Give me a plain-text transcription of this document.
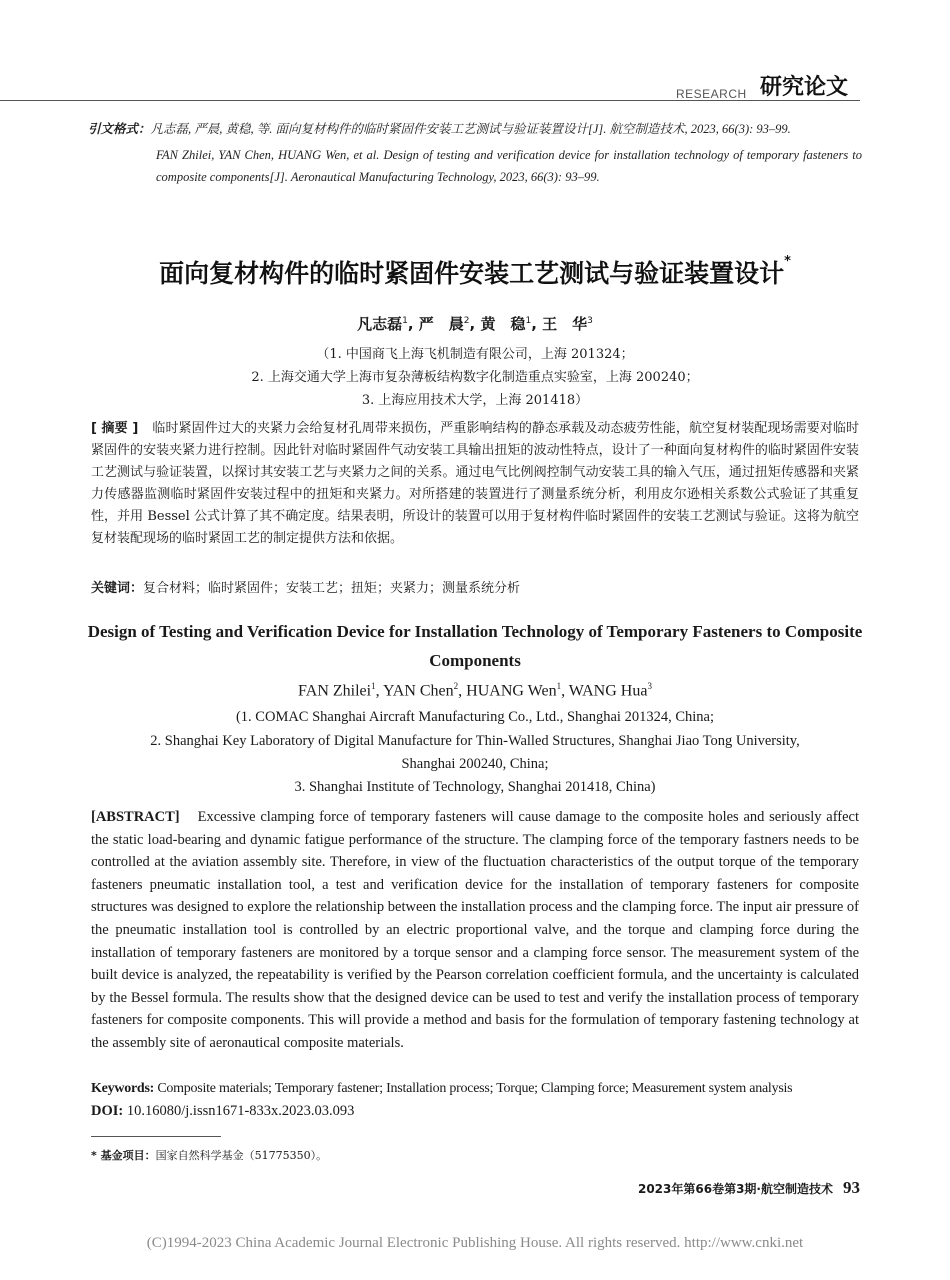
RESEARCH 研究论文
引文格式：凡志磊, 严晨, 黄稳, 等. 面向复材构件的临时紧固件安装工艺测试与验证装置设计[J]. 航空制造技术, 2023, 66(3): 93–99.
FAN Zhilei, YAN Chen, HUANG Wen, et al. Design of testing and verification device for installation technology of temporary fasteners to composite components[J]. Aeronautical Manufacturing Technology, 2023, 66(3): 93–99.
面向复材构件的临时紧固件安装工艺测试与验证装置设计*
凡志磊$^1$, 严　晨$^2$, 黄　稳$^1$, 王　华$^3$
（1. 中国商飞上海飞机制造有限公司，上海 201324；
2. 上海交通大学上海市复杂薄板结构数字化制造重点实验室，上海 200240；
3. 上海应用技术大学，上海 201418）
[ 摘要 ] 临时紧固件过大的夹紧力会给复材孔周带来损伤，严重影响结构的静态承载及动态疲劳性能，航空复材装配现场需要对临时紧固件的安装夹紧力进行控制。因此针对临时紧固件气动安装工具输出扭矩的波动性特点，设计了一种面向复材构件的临时紧固件安装工艺测试与验证装置，以探讨其安装工艺与夹紧力之间的关系。通过电气比例阀控制气动安装工具的输入气压，通过扭矩传感器和夹紧力传感器监测临时紧固件安装过程中的扭矩和夹紧力。对所搭建的装置进行了测量系统分析，利用皮尔逊相关系数公式验证了其重复性，并用 Bessel 公式计算了其不确定度。结果表明，所设计的装置可以用于复材构件临时紧固件的安装工艺测试与验证。这将为航空复材装配现场的临时紧固工艺的制定提供方法和依据。
关键词：复合材料；临时紧固件；安装工艺；扭矩；夹紧力；测量系统分析
Design of Testing and Verification Device for Installation Technology of Temporary Fasteners to Composite Components
FAN Zhilei$^1$, YAN Chen$^2$, HUANG Wen$^1$, WANG Hua$^3$
(1. COMAC Shanghai Aircraft Manufacturing Co., Ltd., Shanghai 201324, China;
2. Shanghai Key Laboratory of Digital Manufacture for Thin-Walled Structures, Shanghai Jiao Tong University,
Shanghai 200240, China;
3. Shanghai Institute of Technology, Shanghai 201418, China)
[ABSTRACT] Excessive clamping force of temporary fasteners will cause damage to the composite holes and seriously affect the static load-bearing and dynamic fatigue performance of the structure. The clamping force of the temporary fastners needs to be controlled at the aviation assembly site. Therefore, in view of the fluctuation characteristics of the output torque of the temporary fasteners pneumatic installation tool, a test and verification device for the installation of temporary fasteners for composite structures was designed to explore the relationship between the installation process and the clamping force. The input air pressure of the pneumatic installation tool is controlled by an electric proportional valve, and the torque and clamping force during the installation of temporary fasteners are monitored by a torque sensor and a clamping force sensor. The measurement system of the built device is analyzed, the repeatability is verified by the Pearson correlation coefficient formula, and the uncertainty is calculated by the Bessel formula. The results show that the designed device can be used to test and verify the installation process of temporary fasteners for composite components. This will provide a method and basis for the formulation of temporary fastening technology at the assembly site of aeronautical composite materials.
Keywords: Composite materials; Temporary fastener; Installation process; Torque; Clamping force; Measurement system analysis
DOI: 10.16080/j.issn1671-833x.2023.03.093
* 基金项目：国家自然科学基金（51775350）。
2023年第66卷第3期·航空制造技术 93
(C)1994-2023 China Academic Journal Electronic Publishing House. All rights reserved. http://www.cnki.net
